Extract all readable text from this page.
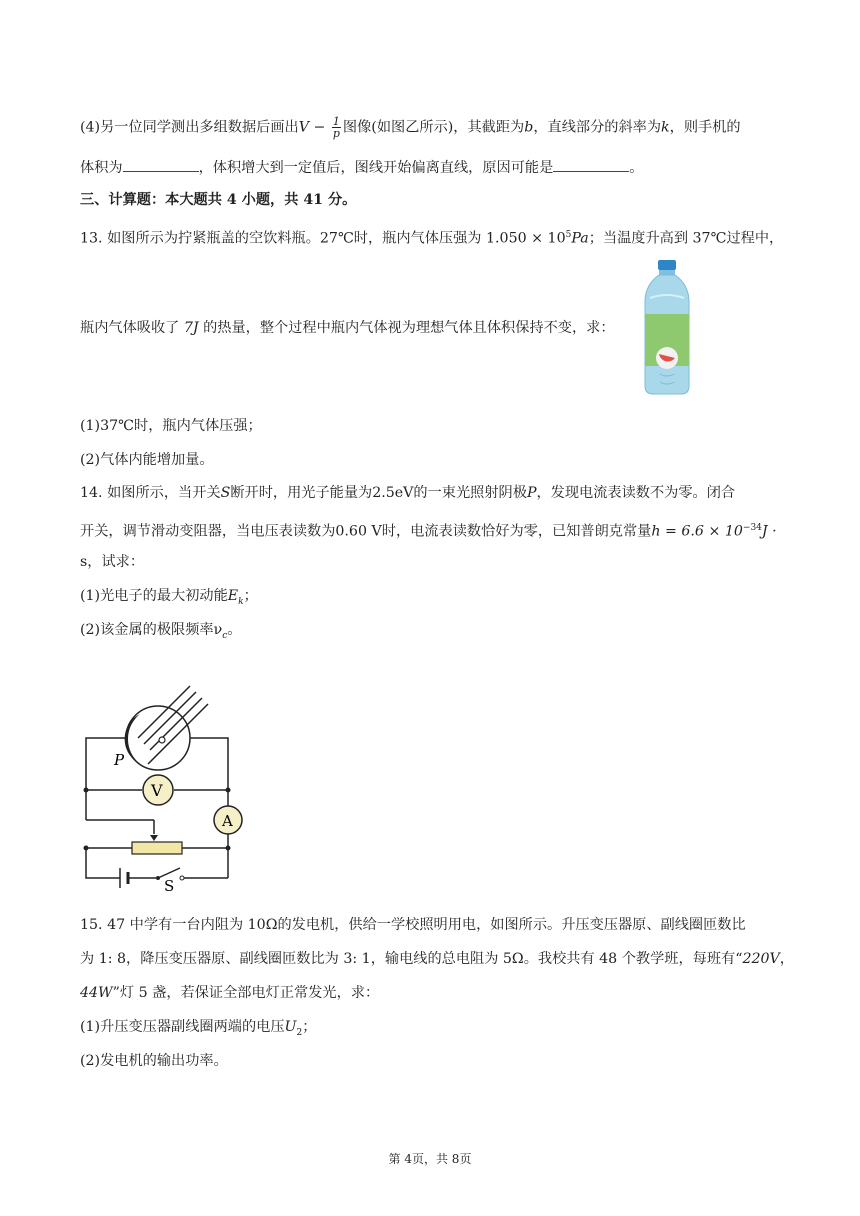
(4)另一位同学测出多组数据后画出$V - \frac{1}{p}$ 图像(如图乙所示)，其截距为b，直线部分的斜率为k，则手机的
体积为	，体积增大到一定值后，图线开始偏离直线，原因可能是	。
三、计算题：本大题共 4 小题，共 41 分。
13. 如图所示为拧紧瓶盖的空饮料瓶。27℃时，瓶内气体压强为 $1.050 \times 10^5Pa$；当温度升高到 37℃过程中，
瓶内气体吸收了 7J 的热量，整个过程中瓶内气体视为理想气体且体积保持不变，求：
(1)37℃时，瓶内气体压强；
(2)气体内能增加量。
14. 如图所示，当开关S断开时，用光子能量为2.5eV的一束光照射阴极P，发现电流表读数不为零。闭合
开关，调节滑动变阻器，当电压表读数为0.60 V时，电流表读数恰好为零，已知普朗克常量$h = 6.6 \times 10^{-34}J$ ·
s，试求：
(1)光电子的最大初动能$E_k$；
(2)该金属的极限频率$\nu_c$。
P
V
A
S
15. 47 中学有一台内阻为 10Ω的发电机，供给一学校照明用电，如图所示。升压变压器原、副线圈匝数比
为 1: 8，降压变压器原、副线圈匝数比为 3: 1，输电线的总电阻为 5Ω。我校共有 48 个教学班，每班有“220V，
44W”灯 5 盏，若保证全部电灯正常发光，求：
(1)升压变压器副线圈两端的电压$U_2$；
(2)发电机的输出功率。
第 4页，共 8页
